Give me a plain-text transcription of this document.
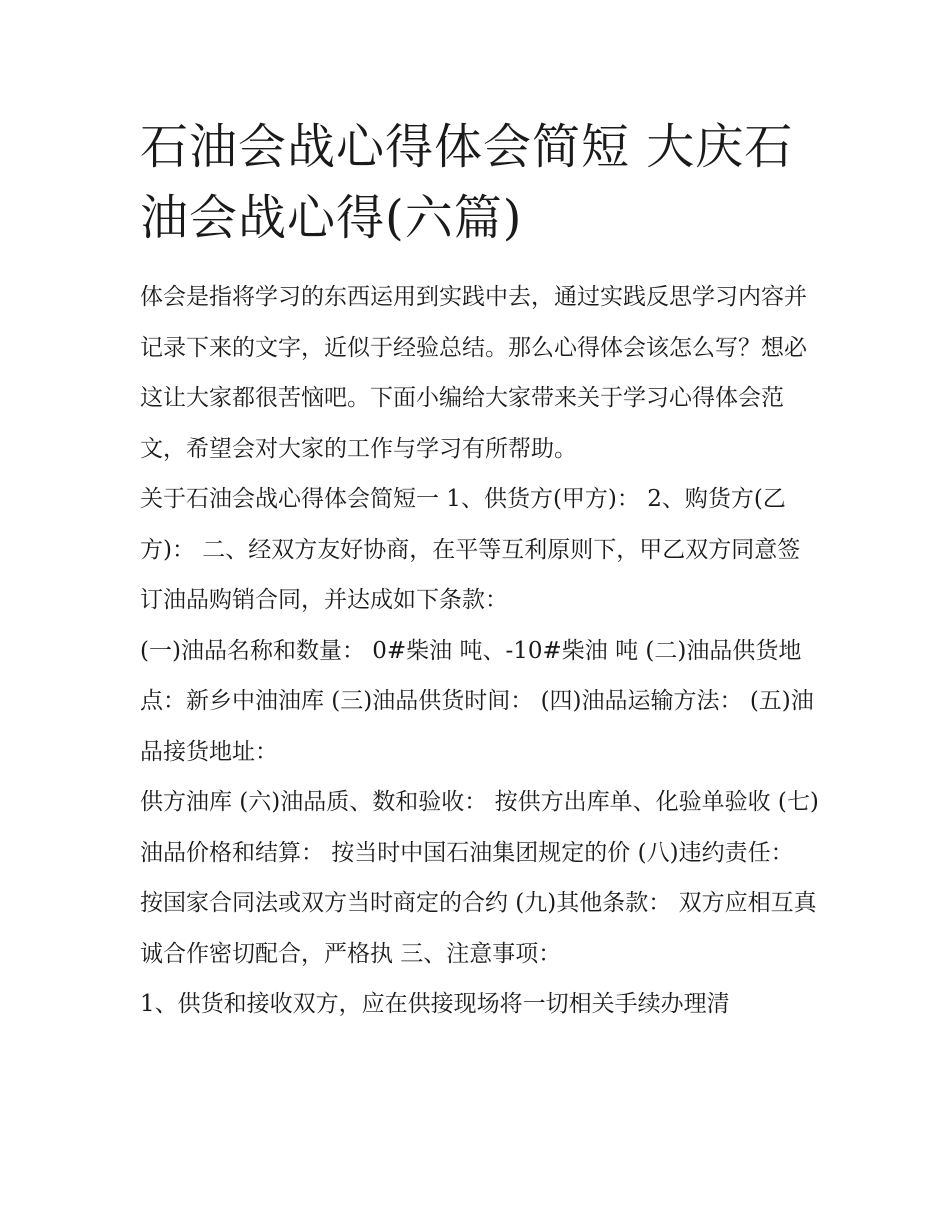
石油会战心得体会简短 大庆石油会战心得(六篇)

体会是指将学习的东西运用到实践中去，通过实践反思学习内容并记录下来的文字，近似于经验总结。那么心得体会该怎么写？想必这让大家都很苦恼吧。下面小编给大家带来关于学习心得体会范文，希望会对大家的工作与学习有所帮助。

关于石油会战心得体会简短一 1、供货方(甲方)： 2、购货方(乙方)： 二、经双方友好协商，在平等互利原则下，甲乙双方同意签订油品购销合同，并达成如下条款：

(一)油品名称和数量： 0#柴油 吨、-10#柴油 吨 (二)油品供货地点：新乡中油油库 (三)油品供货时间： (四)油品运输方法： (五)油品接货地址：

供方油库 (六)油品质、数和验收： 按供方出库单、化验单验收 (七)油品价格和结算： 按当时中国石油集团规定的价 (八)违约责任：

按国家合同法或双方当时商定的合约 (九)其他条款： 双方应相互真诚合作密切配合，严格执 三、注意事项：

1、供货和接收双方，应在供接现场将一切相关手续办理清
